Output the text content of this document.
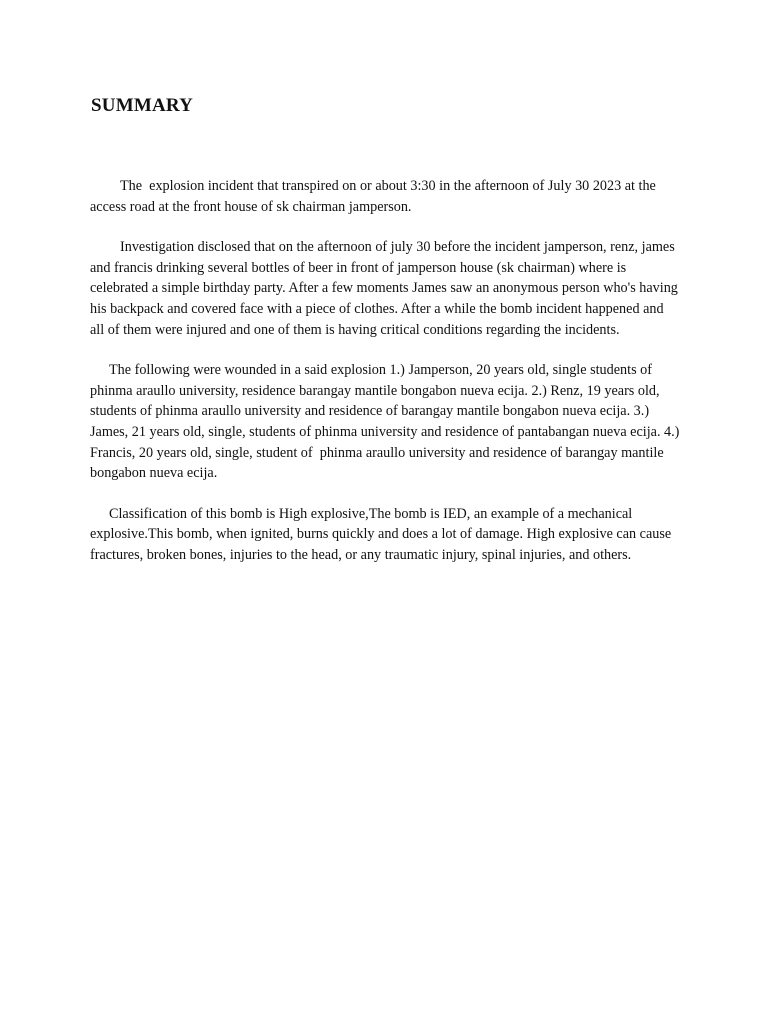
SUMMARY

The  explosion incident that transpired on or about 3:30 in the afternoon of July 30 2023 at the access road at the front house of sk chairman jamperson.

Investigation disclosed that on the afternoon of july 30 before the incident jamperson, renz, james and francis drinking several bottles of beer in front of jamperson house (sk chairman) where is celebrated a simple birthday party. After a few moments James saw an anonymous person who's having his backpack and covered face with a piece of clothes. After a while the bomb incident happened and all of them were injured and one of them is having critical conditions regarding the incidents.

The following were wounded in a said explosion 1.) Jamperson, 20 years old, single students of phinma araullo university, residence barangay mantile bongabon nueva ecija. 2.) Renz, 19 years old, students of phinma araullo university and residence of barangay mantile bongabon nueva ecija. 3.) James, 21 years old, single, students of phinma university and residence of pantabangan nueva ecija. 4.) Francis, 20 years old, single, student of  phinma araullo university and residence of barangay mantile  bongabon nueva ecija.

Classification of this bomb is High explosive,The bomb is IED, an example of a mechanical explosive.This bomb, when ignited, burns quickly and does a lot of damage. High explosive can cause fractures, broken bones, injuries to the head, or any traumatic injury, spinal injuries, and others.
